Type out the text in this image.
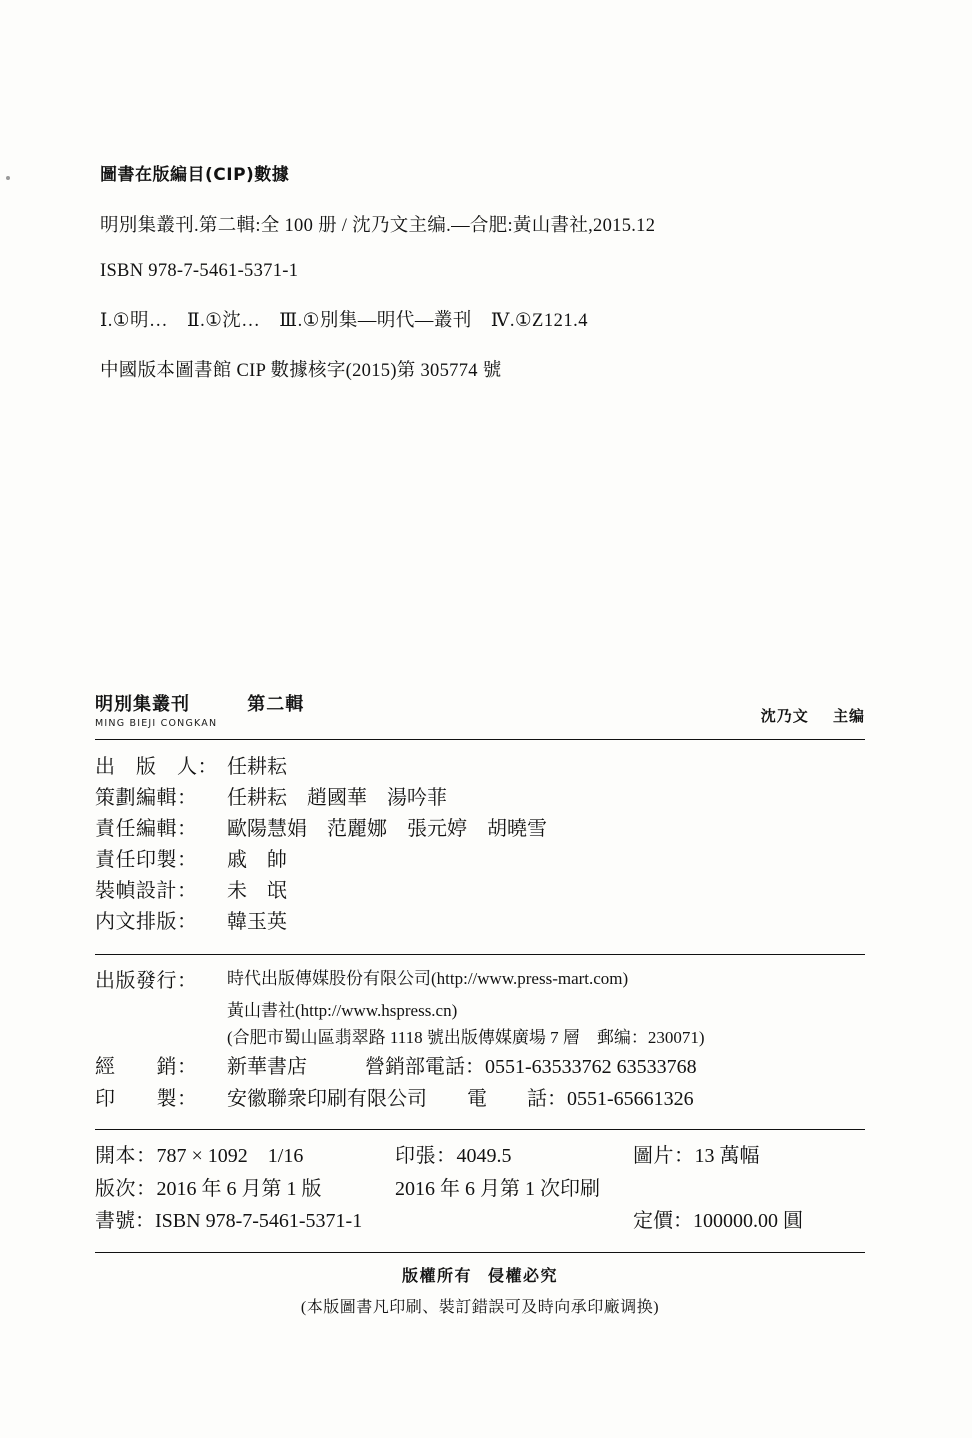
圖書在版編目(CIP)數據
明別集叢刊.第二輯:全 100 册 / 沈乃文主编.—合肥:黃山書社,2015.12
ISBN 978-7-5461-5371-1
Ⅰ.①明…　Ⅱ.①沈…　Ⅲ.①別集—明代—叢刊　Ⅳ.①Z121.4
中國版本圖書館 CIP 數據核字(2015)第 305774 號
明別集叢刊
MING BIEJI CONGKAN
第二輯
沈乃文 主编
出　版　人： 任耕耘
策劃編輯：	任耕耘　趙國華　湯吟菲
責任編輯：	歐陽慧娟　范麗娜　張元婷　胡曉雪
責任印製：	戚　帥
裝幀設計：	未　氓
内文排版：	韓玉英
出版發行：	時代出版傳媒股份有限公司(http://www.press-mart.com)
黃山書社(http://www.hspress.cn)
(合肥市蜀山區翡翠路 1118 號出版傳媒廣場 7 層　郵编：230071)
經　　銷：	新華書店	營銷部電話： 0551-63533762 63533768
印　　製：	安徽聯衆印刷有限公司 電　　話： 0551-65661326
開本：787 × 1092　1/16	印張：4049.5	圖片：13 萬幅
版次：2016 年 6 月第 1 版	2016 年 6 月第 1 次印刷
書號：ISBN 978-7-5461-5371-1	定價：100000.00 圓
版權所有 侵權必究
(本版圖書凡印刷、裝訂錯誤可及時向承印廠调换)
